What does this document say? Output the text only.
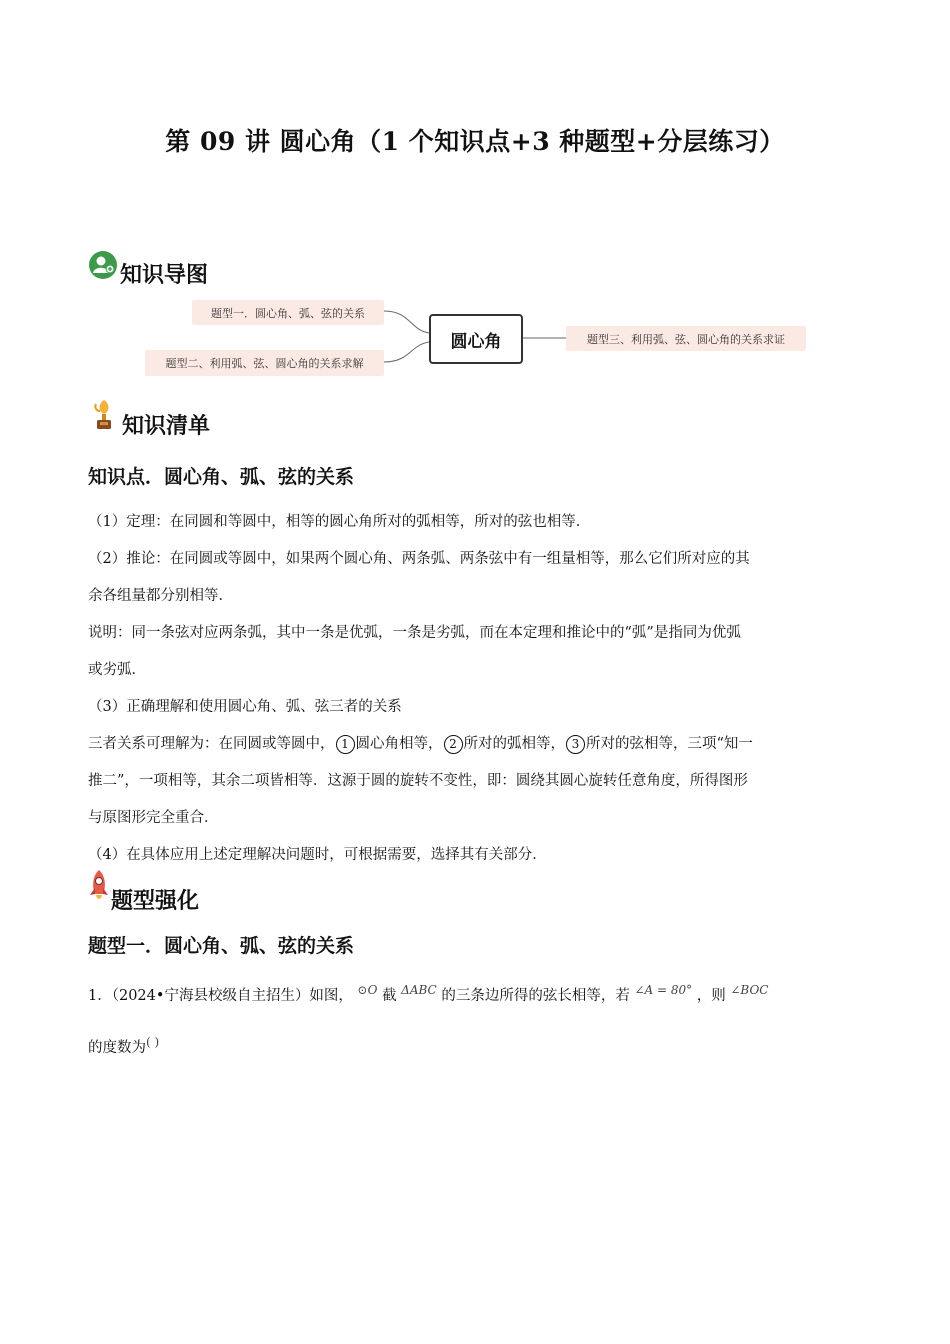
第 09 讲 圆心角（1 个知识点+3 种题型+分层练习）
知识导图
题型一．圆心角、弧、弦的关系
题型二、利用弧、弦、圆心角的关系求解
圆心角	题型三、利用弧、弦、圆心角的关系求证
知识清单
知识点．圆心角、弧、弦的关系

（1）定理：在同圆和等圆中，相等的圆心角所对的弧相等，所对的弦也相等．

（2）推论：在同圆或等圆中，如果两个圆心角、两条弧、两条弦中有一组量相等，那么它们所对应的其

余各组量都分别相等．

说明：同一条弦对应两条弧，其中一条是优弧，一条是劣弧，而在本定理和推论中的“弧”是指同为优弧

或劣弧．

（3）正确理解和使用圆心角、弧、弦三者的关系

三者关系可理解为：在同圆或等圆中， 1 圆心角相等， 2 所对的弧相等， 3 所对的弦相等，三项“知一

推二”，一项相等，其余二项皆相等．这源于圆的旋转不变性，即：圆绕其圆心旋转任意角度，所得图形

与原图形完全重合．

（4）在具体应用上述定理解决问题时，可根据需要，选择其有关部分．

题型强化
题型一．圆心角、弧、弦的关系
1．（2024•宁海县校级自主招生）如图， $^{⊙O}$ 截 $^{\Delta ABC}$ 的三条边所得的弦长相等，若 $^{\angle A = 80^\circ}$ ，则 $^{\angle BOC}$
的度数为( )
